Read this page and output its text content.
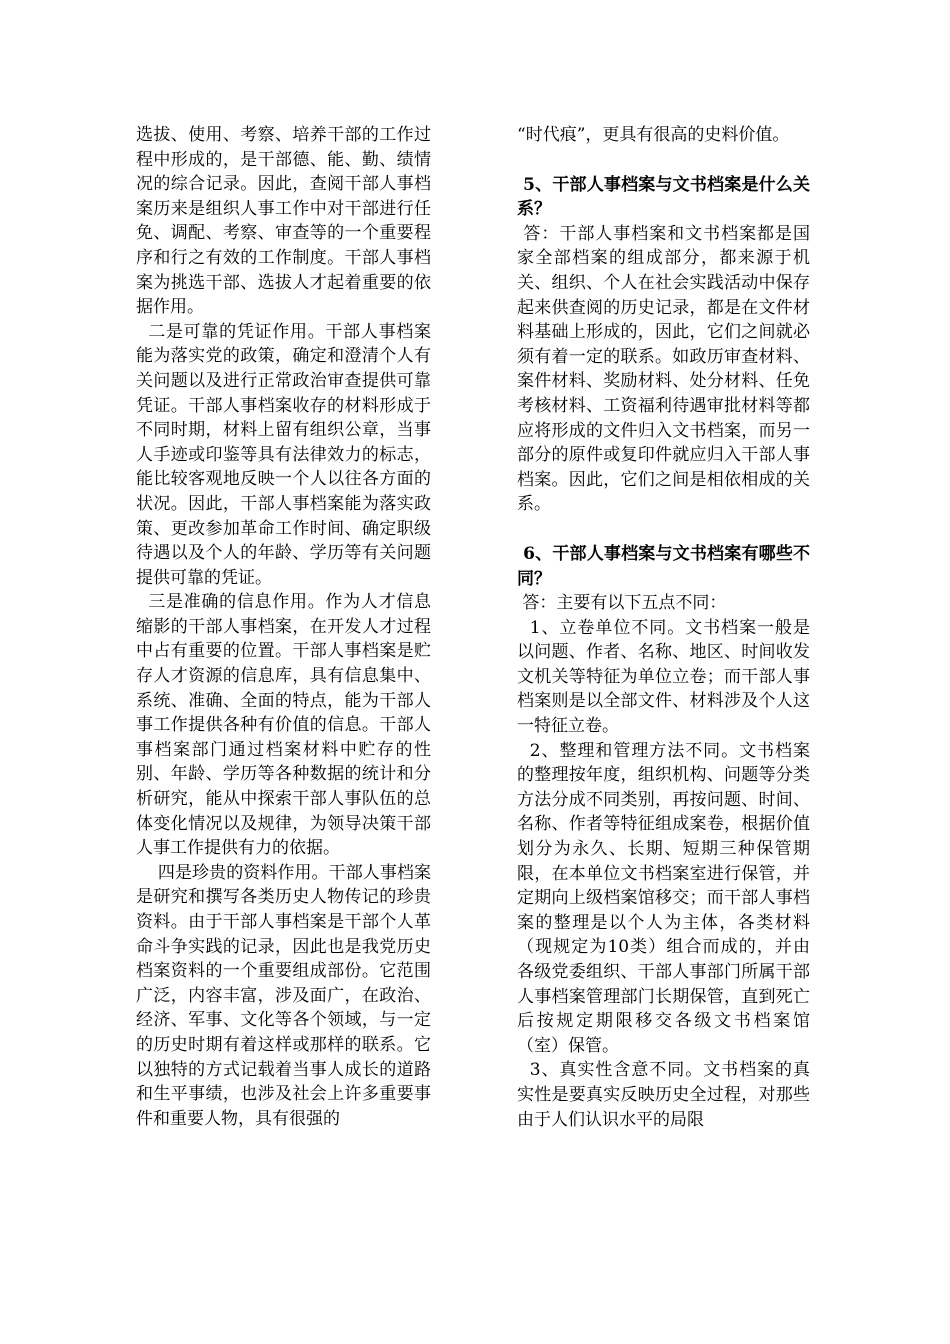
选拔、使用、考察、培养干部的工作过程中形成的，是干部德、能、勤、绩情况的综合记录。因此，查阅干部人事档案历来是组织人事工作中对干部进行任免、调配、考察、审查等的一个重要程序和行之有效的工作制度。干部人事档案为挑选干部、选拔人才起着重要的依据作用。

二是可靠的凭证作用。干部人事档案能为落实党的政策，确定和澄清个人有关问题以及进行正常政治审查提供可靠凭证。干部人事档案收存的材料形成于不同时期，材料上留有组织公章，当事人手迹或印鉴等具有法律效力的标志，能比较客观地反映一个人以往各方面的状况。因此，干部人事档案能为落实政策、更改参加革命工作时间、确定职级待遇以及个人的年龄、学历等有关问题提供可靠的凭证。

三是准确的信息作用。作为人才信息缩影的干部人事档案，在开发人才过程中占有重要的位置。干部人事档案是贮存人才资源的信息库，具有信息集中、系统、准确、全面的特点，能为干部人事工作提供各种有价值的信息。干部人事档案部门通过档案材料中贮存的性别、年龄、学历等各种数据的统计和分析研究，能从中探索干部人事队伍的总体变化情况以及规律，为领导决策干部人事工作提供有力的依据。

四是珍贵的资料作用。干部人事档案是研究和撰写各类历史人物传记的珍贵资料。由于干部人事档案是干部个人革命斗争实践的记录，因此也是我党历史档案资料的一个重要组成部份。它范围广泛，内容丰富，涉及面广，在政治、经济、军事、文化等各个领域，与一定的历史时期有着这样或那样的联系。它以独特的方式记载着当事人成长的道路和生平事绩，也涉及社会上许多重要事件和重要人物，具有很强的

“时代痕”，更具有很高的史料价值。

5、干部人事档案与文书档案是什么关系？

答：干部人事档案和文书档案都是国家全部档案的组成部分，都来源于机关、组织、个人在社会实践活动中保存起来供查阅的历史记录，都是在文件材料基础上形成的，因此，它们之间就必须有着一定的联系。如政历审查材料、案件材料、奖励材料、处分材料、任免考核材料、工资福利待遇审批材料等都应将形成的文件归入文书档案，而另一部分的原件或复印件就应归入干部人事档案。因此，它们之间是相依相成的关系。

6、干部人事档案与文书档案有哪些不同？

答：主要有以下五点不同：

1、立卷单位不同。文书档案一般是以问题、作者、名称、地区、时间收发文机关等特征为单位立卷；而干部人事档案则是以全部文件、材料涉及个人这一特征立卷。

2、整理和管理方法不同。文书档案的整理按年度，组织机构、问题等分类方法分成不同类别，再按问题、时间、名称、作者等特征组成案卷，根据价值划分为永久、长期、短期三种保管期限，在本单位文书档案室进行保管，并定期向上级档案馆移交；而干部人事档案的整理是以个人为主体，各类材料（现规定为10类）组合而成的，并由各级党委组织、干部人事部门所属干部人事档案管理部门长期保管，直到死亡后按规定期限移交各级文书档案馆（室）保管。

3、真实性含意不同。文书档案的真实性是要真实反映历史全过程，对那些由于人们认识水平的局限
